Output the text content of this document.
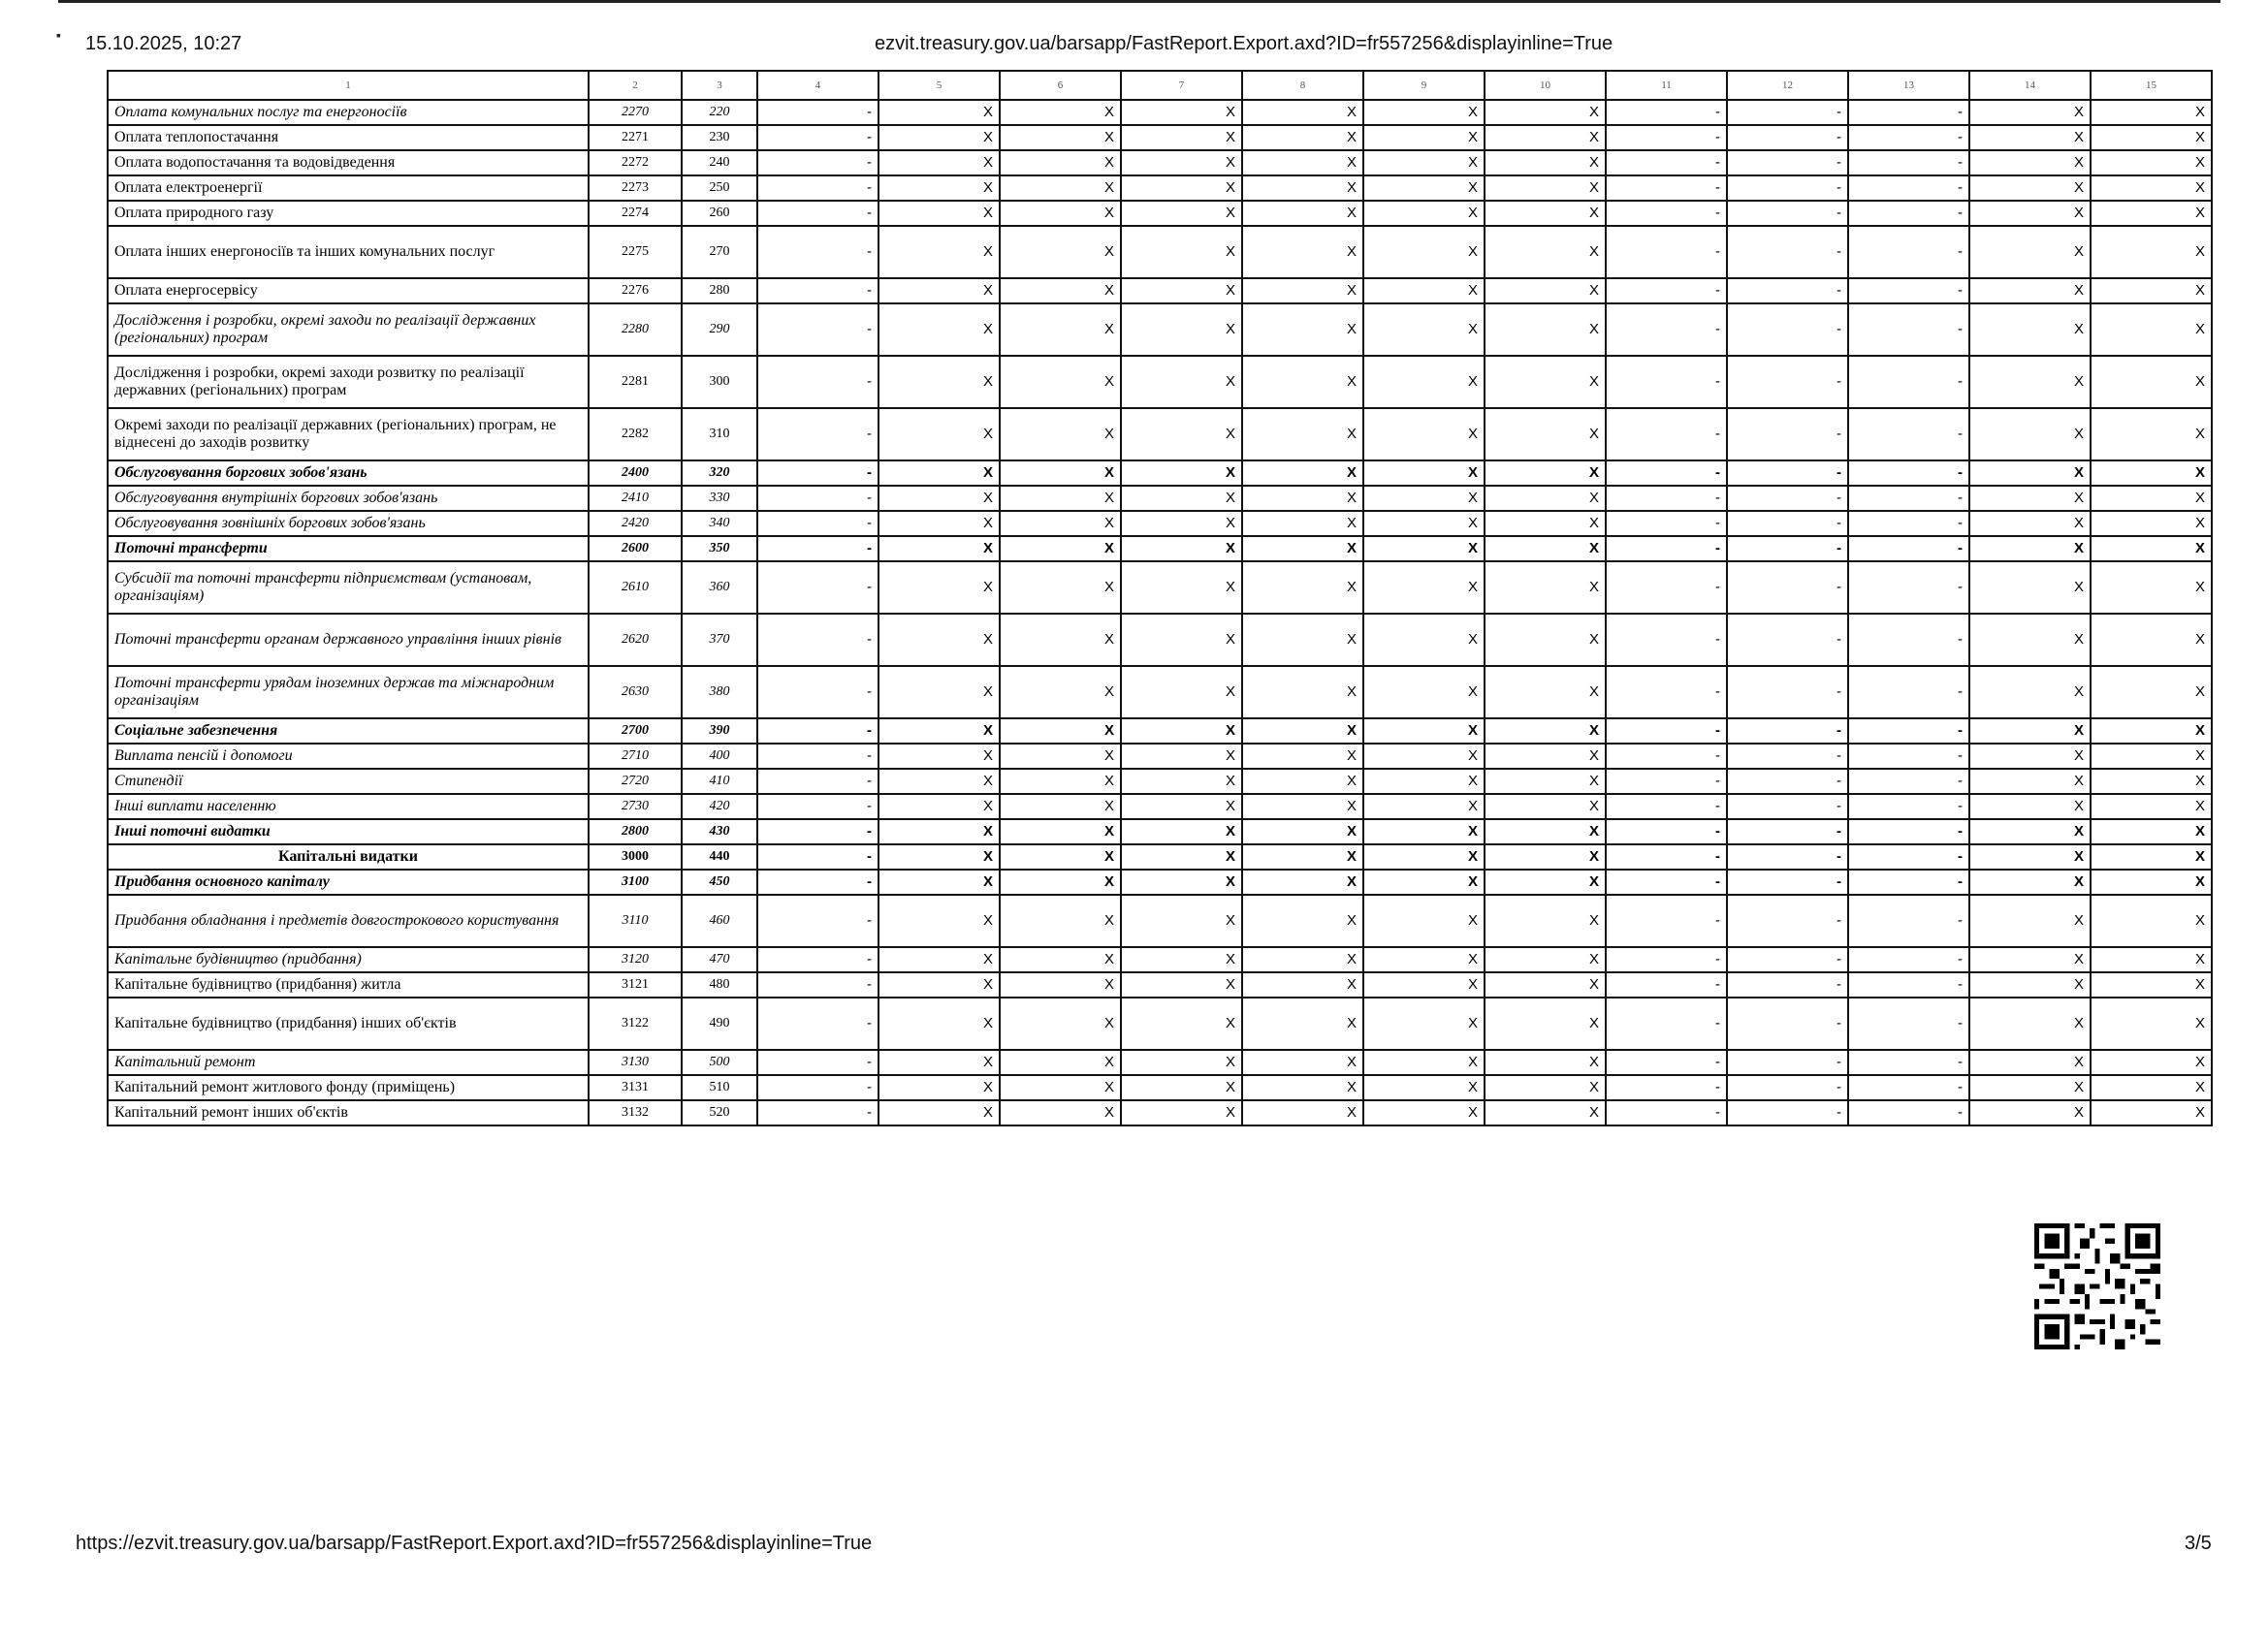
▪ 15.10.2025, 10:27	ezvit.treasury.gov.ua/barsapp/FastReport.Export.axd?ID=fr557256&displayinline=True
1	2	3	4	5	6	7	8	9	10	11	12	13	14	15
Оплата комунальних послуг та енергоносіїв	2270	220	-	X	X	X	X	X	X	-	-	-	X	X
Оплата теплопостачання	2271	230	-	X	X	X	X	X	X	-	-	-	X	X
Оплата водопостачання та водовідведення	2272	240	-	X	X	X	X	X	X	-	-	-	X	X
Оплата електроенергії	2273	250	-	X	X	X	X	X	X	-	-	-	X	X
Оплата природного газу	2274	260	-	X	X	X	X	X	X	-	-	-	X	X
Оплата інших енергоносіїв та інших комунальних послуг	2275	270	-	X	X	X	X	X	X	-	-	-	X	X
Оплата енергосервісу	2276	280	-	X	X	X	X	X	X	-	-	-	X	X
Дослідження і розробки, окремі заходи по реалізації державних (регіональних) програм	2280	290	-	X	X	X	X	X	X	-	-	-	X	X
Дослідження і розробки, окремі заходи розвитку по реалізації державних (регіональних) програм	2281	300	-	X	X	X	X	X	X	-	-	-	X	X
Окремі заходи по реалізації державних (регіональних) програм, не віднесені до заходів розвитку	2282	310	-	X	X	X	X	X	X	-	-	-	X	X
Обслуговування боргових зобов'язань	2400	320	-	X	X	X	X	X	X	-	-	-	X	X
Обслуговування внутрішніх боргових зобов'язань	2410	330	-	X	X	X	X	X	X	-	-	-	X	X
Обслуговування зовнішніх боргових зобов'язань	2420	340	-	X	X	X	X	X	X	-	-	-	X	X
Поточні трансферти	2600	350	-	X	X	X	X	X	X	-	-	-	X	X
Субсидії та поточні трансферти підприємствам (установам, організаціям)	2610	360	-	X	X	X	X	X	X	-	-	-	X	X
Поточні трансферти органам державного управління інших рівнів	2620	370	-	X	X	X	X	X	X	-	-	-	X	X
Поточні трансферти урядам іноземних держав та міжнародним організаціям	2630	380	-	X	X	X	X	X	X	-	-	-	X	X
Соціальне забезпечення	2700	390	-	X	X	X	X	X	X	-	-	-	X	X
Виплата пенсій і допомоги	2710	400	-	X	X	X	X	X	X	-	-	-	X	X
Стипендії	2720	410	-	X	X	X	X	X	X	-	-	-	X	X
Інші виплати населенню	2730	420	-	X	X	X	X	X	X	-	-	-	X	X
Інші поточні видатки	2800	430	-	X	X	X	X	X	X	-	-	-	X	X
Капітальні видатки	3000	440	-	X	X	X	X	X	X	-	-	-	X	X
Придбання основного капіталу	3100	450	-	X	X	X	X	X	X	-	-	-	X	X
Придбання обладнання і предметів довгострокового користування	3110	460	-	X	X	X	X	X	X	-	-	-	X	X
Капітальне будівництво (придбання)	3120	470	-	X	X	X	X	X	X	-	-	-	X	X
Капітальне будівництво (придбання) житла	3121	480	-	X	X	X	X	X	X	-	-	-	X	X
Капітальне будівництво (придбання) інших об'єктів	3122	490	-	X	X	X	X	X	X	-	-	-	X	X
Капітальний ремонт	3130	500	-	X	X	X	X	X	X	-	-	-	X	X
Капітальний ремонт житлового фонду (приміщень)	3131	510	-	X	X	X	X	X	X	-	-	-	X	X
Капітальний ремонт інших об'єктів	3132	520	-	X	X	X	X	X	X	-	-	-	X	X
https://ezvit.treasury.gov.ua/barsapp/FastReport.Export.axd?ID=fr557256&displayinline=True	3/5
